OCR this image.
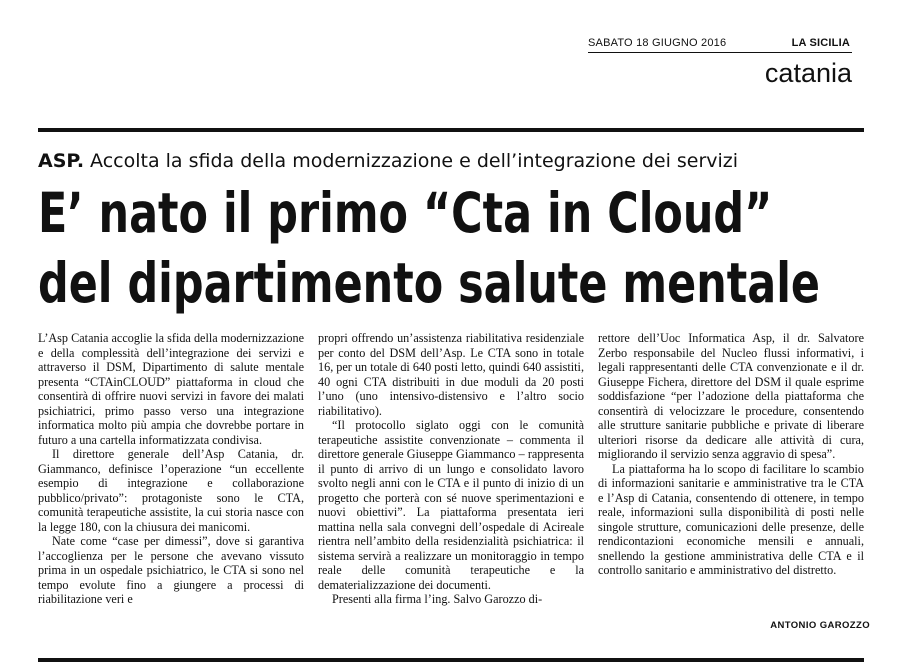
SABATO 18 GIUGNO 2016	LA SICILIA
catania
ASP. Accolta la sfida della modernizzazione e dell’integrazione dei servizi
E’ nato il primo “Cta in Cloud”
del dipartimento salute mentale

L’Asp Catania accoglie la sfida della modernizzazione e della complessità dell’integrazione dei servizi e attraverso il DSM, Dipartimento di salute mentale presenta “CTAinCLOUD” piattaforma in cloud che consentirà di offrire nuovi servizi in favore dei malati psichiatrici, primo passo verso una integrazione informatica molto più ampia che dovrebbe portare in futuro a una cartella informatizzata condivisa.

Il direttore generale dell’Asp Catania, dr. Giammanco, definisce l’operazione “un eccellente esempio di integrazione e collaborazione pubblico/privato”: protagoniste sono le CTA, comunità terapeutiche assistite, la cui storia nasce con la legge 180, con la chiusura dei manicomi.

Nate come “case per dimessi”, dove si garantiva l’accoglienza per le persone che avevano vissuto prima in un ospedale psichiatrico, le CTA si sono nel tempo evolute fino a giungere a processi di riabilitazione veri e

propri offrendo un’assistenza riabilitativa residenziale per conto del DSM dell’Asp. Le CTA sono in totale 16, per un totale di 640 posti letto, quindi 640 assistiti, 40 ogni CTA distribuiti in due moduli da 20 posti l’uno (uno intensivo-distensivo e l’altro socio riabilitativo).

“Il protocollo siglato oggi con le comunità terapeutiche assistite convenzionate – commenta il direttore generale Giuseppe Giammanco – rappresenta il punto di arrivo di un lungo e consolidato lavoro svolto negli anni con le CTA e il punto di inizio di un progetto che porterà con sé nuove sperimentazioni e nuovi obiettivi”. La piattaforma presentata ieri mattina nella sala convegni dell’ospedale di Acireale rientra nell’ambito della residenzialità psichiatrica: il sistema servirà a realizzare un monitoraggio in tempo reale delle comunità terapeutiche e la dematerializzazione dei documenti.

Presenti alla firma l’ing. Salvo Garozzo di-

rettore dell’Uoc Informatica Asp, il dr. Salvatore Zerbo responsabile del Nucleo flussi informativi, i legali rappresentanti delle CTA convenzionate e il dr. Giuseppe Fichera, direttore del DSM il quale esprime soddisfazione “per l’adozione della piattaforma che consentirà di velocizzare le procedure, consentendo alle strutture sanitarie pubbliche e private di liberare ulteriori risorse da dedicare alle attività di cura, migliorando il servizio senza aggravio di spesa”.

La piattaforma ha lo scopo di facilitare lo scambio di informazioni sanitarie e amministrative tra le CTA e l’Asp di Catania, consentendo di ottenere, in tempo reale, informazioni sulla disponibilità di posti nelle singole strutture, comunicazioni delle presenze, delle rendicontazioni economiche mensili e annuali, snellendo la gestione amministrativa delle CTA e il controllo sanitario e amministrativo del distretto.

ANTONIO GAROZZO
